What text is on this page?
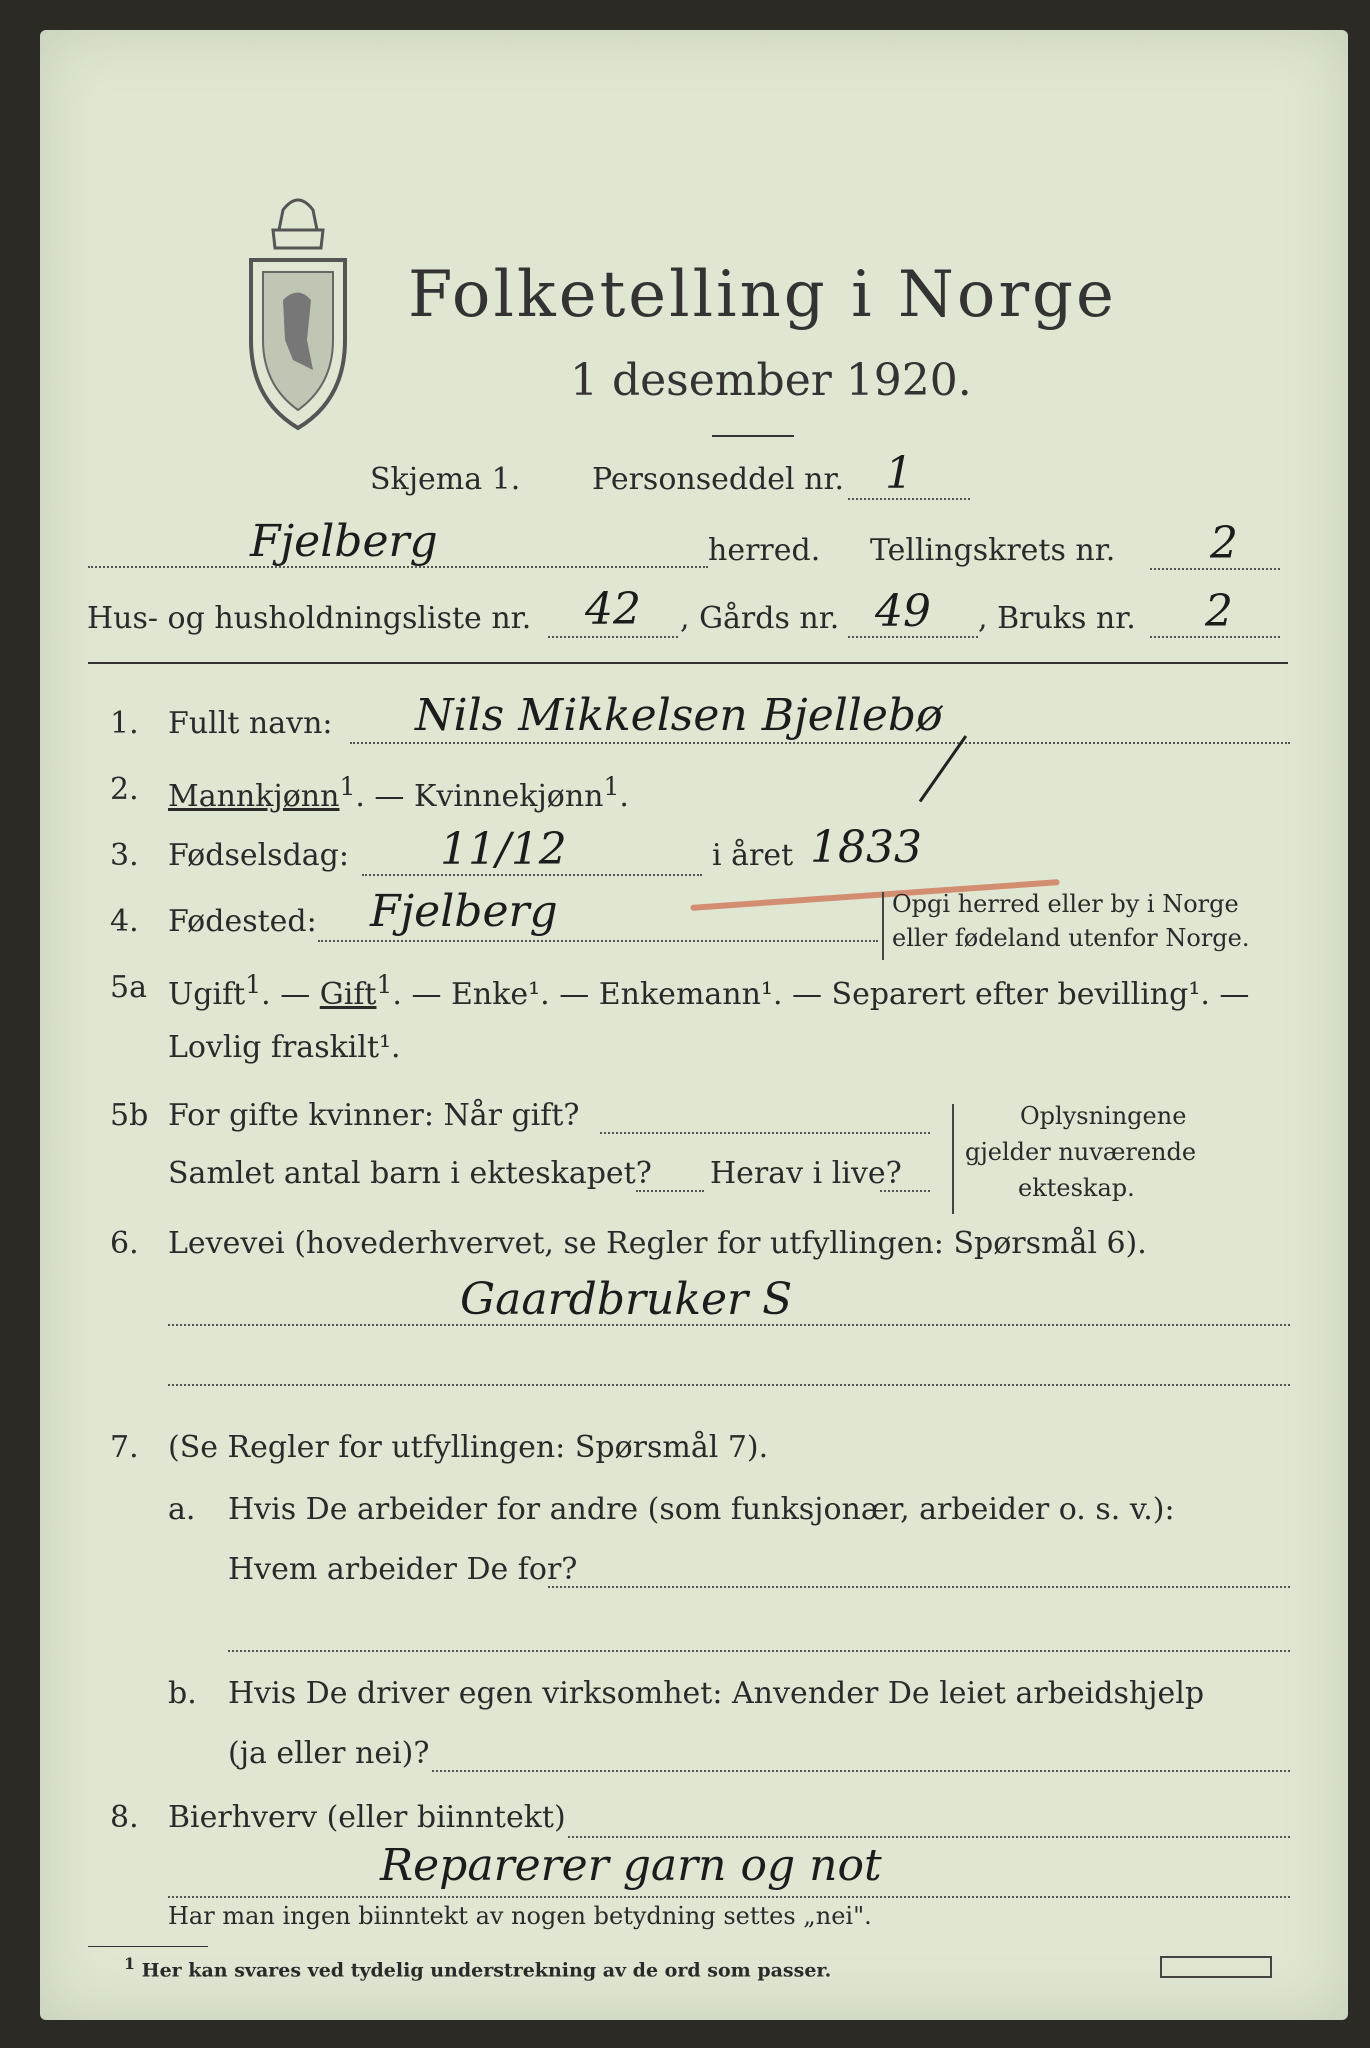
Folketelling i Norge
1 desember 1920.
Skjema 1. Personseddel nr. 1
Fjelberg	herred. Tellingskrets nr. 2
Hus- og husholdningsliste nr. 42 , Gårds nr. 49 , Bruks nr. 2
1. Fullt navn: Nils Mikkelsen Bjellebø
2. Mannkjønn$^1$. — Kvinnekjønn$^1$.
3. Fødselsdag: 11/12	i året 1833
4. Fødested: Fjelberg	Opgi herred eller by i Norge
eller fødeland utenfor Norge.
5a Ugift$^1$. — Gift$^1$. — Enke¹. — Enkemann¹. — Separert efter bevilling¹. —
Lovlig fraskilt¹.
5b For gifte kvinner: Når gift?
Samlet antal barn i ekteskapet? Herav i live?
Oplysningene
gjelder nuværende
ekteskap.
6. Levevei (hovederhvervet, se Regler for utfyllingen: Spørsmål 6).
Gaardbruker S
7. (Se Regler for utfyllingen: Spørsmål 7).
a. Hvis De arbeider for andre (som funksjonær, arbeider o. s. v.):
Hvem arbeider De for?
b. Hvis De driver egen virksomhet: Anvender De leiet arbeidshjelp
(ja eller nei)?
8. Bierhverv (eller biinntekt)
Reparerer garn og not
Har man ingen biinntekt av nogen betydning settes „nei".
$^1$ Her kan svares ved tydelig understrekning av de ord som passer.
